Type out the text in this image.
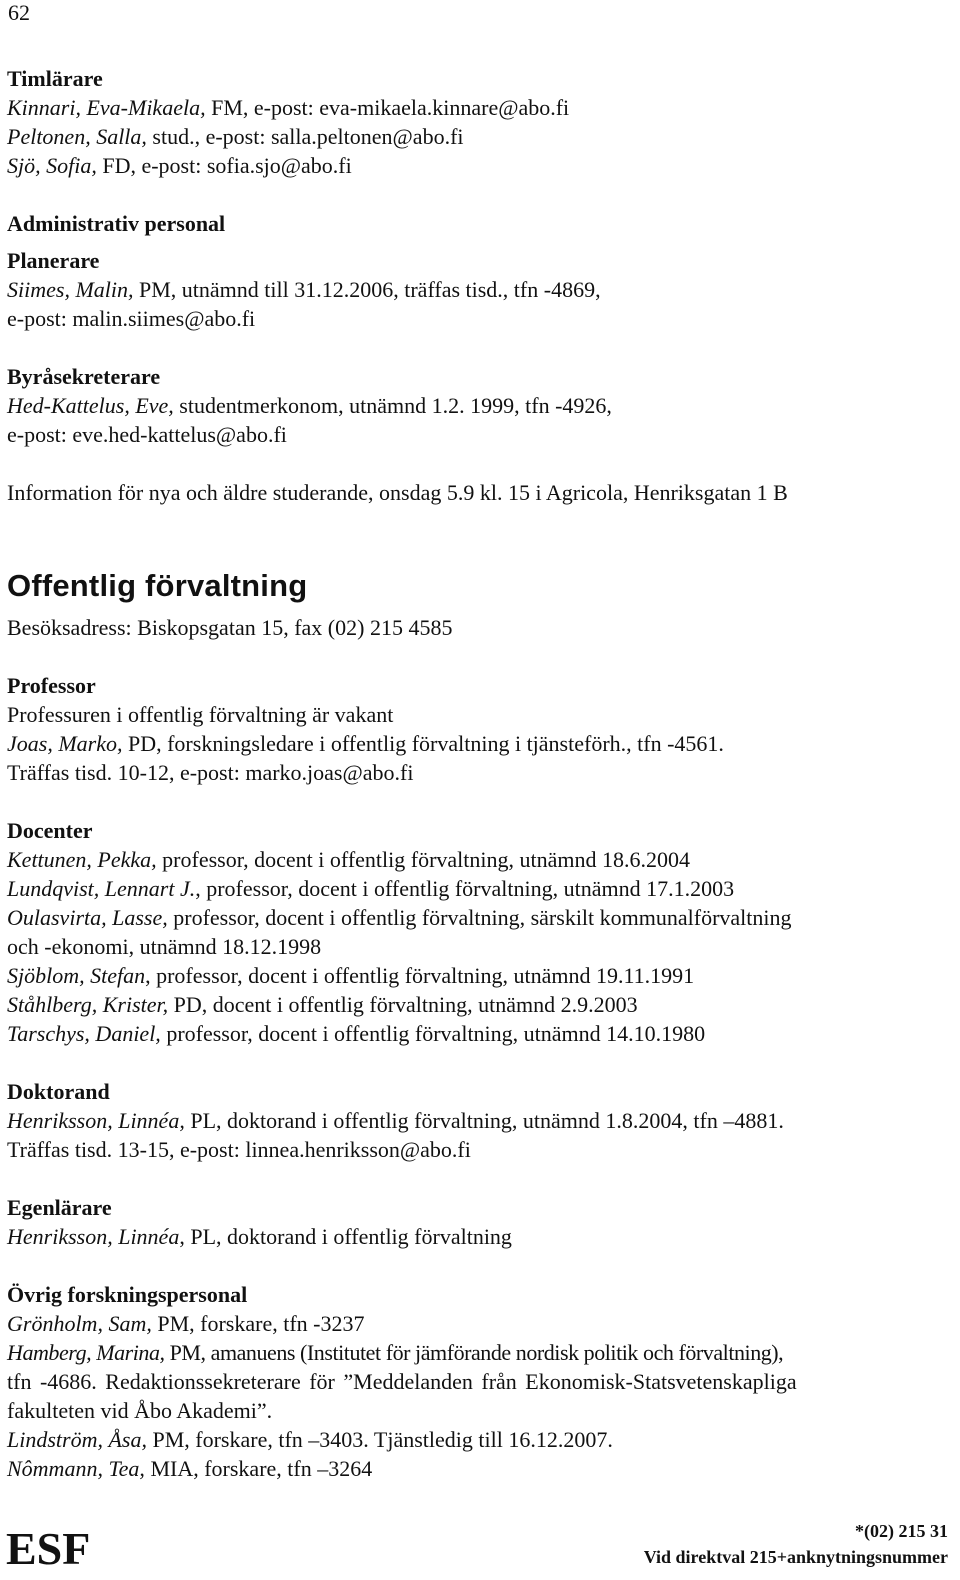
62
Timlärare
Kinnari, Eva-Mikaela, FM, e-post: eva-mikaela.kinnare@abo.fi
Peltonen, Salla, stud., e-post: salla.peltonen@abo.fi
Sjö, Sofia, FD, e-post: sofia.sjo@abo.fi
Administrativ personal
Planerare
Siimes, Malin, PM, utnämnd till 31.12.2006, träffas tisd., tfn -4869,
e-post: malin.siimes@abo.fi
Byråsekreterare
Hed-Kattelus, Eve, studentmerkonom, utnämnd 1.2. 1999, tfn -4926,
e-post: eve.hed-kattelus@abo.fi
Information för nya och äldre studerande, onsdag 5.9 kl. 15 i Agricola, Henriksgatan 1 B
Offentlig förvaltning
Besöksadress: Biskopsgatan 15, fax (02) 215 4585
Professor
Professuren i offentlig förvaltning är vakant
Joas, Marko, PD, forskningsledare i offentlig förvaltning i tjänsteförh., tfn -4561.
Träffas tisd. 10-12, e-post: marko.joas@abo.fi
Docenter
Kettunen, Pekka, professor, docent i offentlig förvaltning, utnämnd 18.6.2004
Lundqvist, Lennart J., professor, docent i offentlig förvaltning, utnämnd 17.1.2003
Oulasvirta, Lasse, professor, docent i offentlig förvaltning, särskilt kommunalförvaltning
och -ekonomi, utnämnd 18.12.1998
Sjöblom, Stefan, professor, docent i offentlig förvaltning, utnämnd 19.11.1991
Ståhlberg, Krister, PD, docent i offentlig förvaltning, utnämnd 2.9.2003
Tarschys, Daniel, professor, docent i offentlig förvaltning, utnämnd 14.10.1980
Doktorand
Henriksson, Linnéa, PL, doktorand i offentlig förvaltning, utnämnd 1.8.2004, tfn –4881.
Träffas tisd. 13-15, e-post: linnea.henriksson@abo.fi
Egenlärare
Henriksson, Linnéa, PL, doktorand i offentlig förvaltning
Övrig forskningspersonal
Grönholm, Sam, PM, forskare, tfn -3237
Hamberg, Marina, PM, amanuens (Institutet för jämförande nordisk politik och förvaltning),
tfn -4686. Redaktionssekreterare för ”Meddelanden från Ekonomisk-Statsvetenskapliga
fakulteten vid Åbo Akademi”.
Lindström, Åsa, PM, forskare, tfn –3403. Tjänstledig till 16.12.2007.
Nômmann, Tea, MIA, forskare, tfn –3264
ESF	*(02) 215 31
Vid direktval 215+anknytningsnummer
